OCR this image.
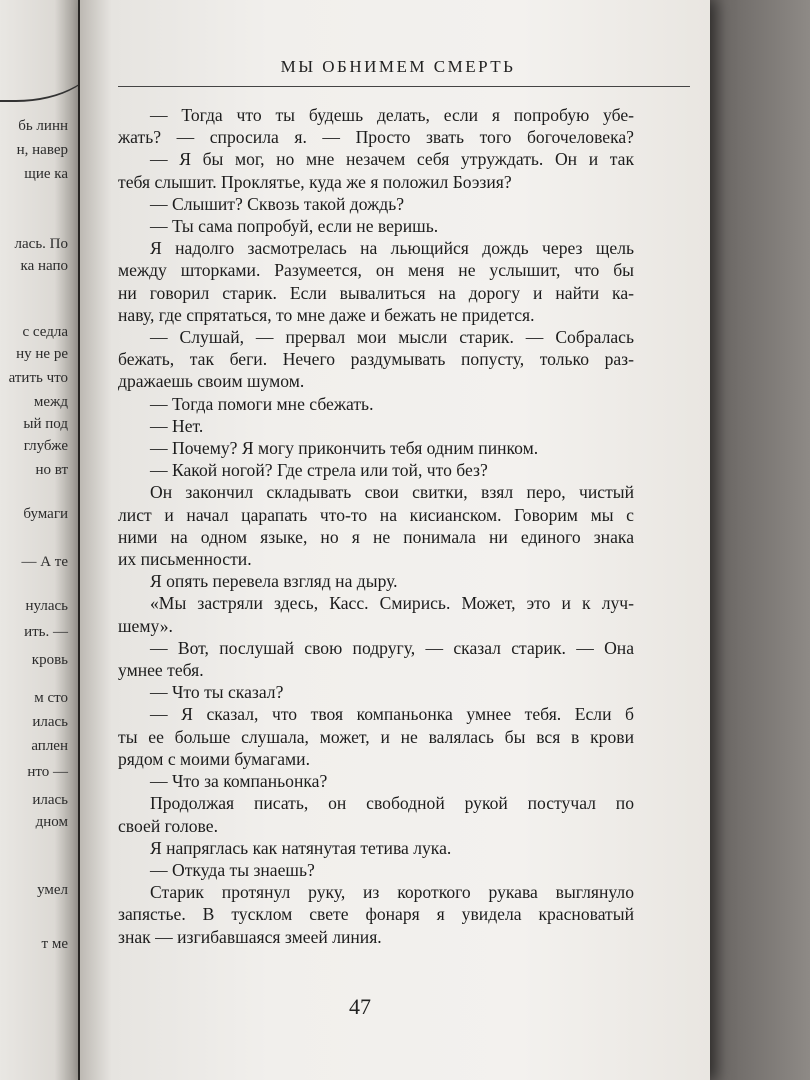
бь линн
н, навер
щие ка
лась. По
ка напо
с седла
ну не ре
атить что
межд
ый под
глубже
но вт
бумаги
— А те
нулась
ить. —
кровь
м сто
илась
аплен
нто —
илась
дном
умел
т ме
МЫ ОБНИМЕМ СМЕРТЬ
— Тогда что ты будешь делать, если я попробую убе-
жать? — спросила я. — Просто звать того богочеловека?
— Я бы мог, но мне незачем себя утруждать. Он и так
тебя слышит. Проклятье, куда же я положил Боэзия?
— Слышит? Сквозь такой дождь?
— Ты сама попробуй, если не веришь.
Я надолго засмотрелась на льющийся дождь через щель
между шторками. Разумеется, он меня не услышит, что бы
ни говорил старик. Если вывалиться на дорогу и найти ка-
наву, где спрятаться, то мне даже и бежать не придется.
— Слушай, — прервал мои мысли старик. — Собралась
бежать, так беги. Нечего раздумывать попусту, только раз-
дражаешь своим шумом.
— Тогда помоги мне сбежать.
— Нет.
— Почему? Я могу прикончить тебя одним пинком.
— Какой ногой? Где стрела или той, что без?
Он закончил складывать свои свитки, взял перо, чистый
лист и начал царапать что-то на кисианском. Говорим мы с
ними на одном языке, но я не понимала ни единого знака
их письменности.
Я опять перевела взгляд на дыру.
«Мы застряли здесь, Касс. Смирись. Может, это и к луч-
шему».
— Вот, послушай свою подругу, — сказал старик. — Она
умнее тебя.
— Что ты сказал?
— Я сказал, что твоя компаньонка умнее тебя. Если б
ты ее больше слушала, может, и не валялась бы вся в крови
рядом с моими бумагами.
— Что за компаньонка?
Продолжая писать, он свободной рукой постучал по
своей голове.
Я напряглась как натянутая тетива лука.
— Откуда ты знаешь?
Старик протянул руку, из короткого рукава выглянуло
запястье. В тусклом свете фонаря я увидела красноватый
знак — изгибавшаяся змеей линия.
47
